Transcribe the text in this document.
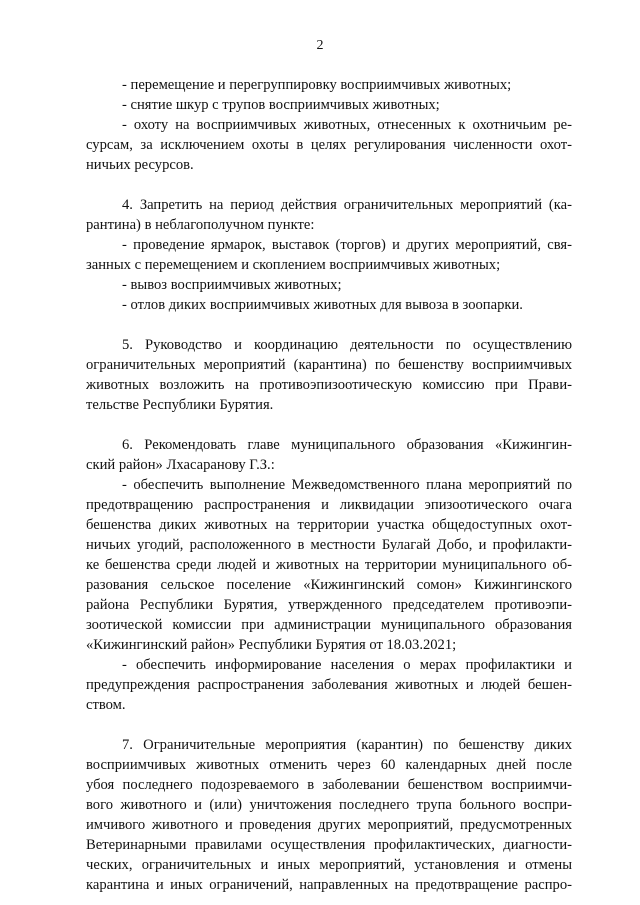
2
- перемещение и перегруппировку восприимчивых животных;
- снятие шкур с трупов восприимчивых животных;
- охоту на восприимчивых животных, отнесенных к охотничьим ре-
сурсам, за исключением охоты в целях регулирования численности охот-
ничьих ресурсов.
4. Запретить на период действия ограничительных мероприятий (ка-
рантина) в неблагополучном пункте:
- проведение ярмарок, выставок (торгов) и других мероприятий, свя-
занных с перемещением и скоплением восприимчивых животных;
- вывоз восприимчивых животных;
- отлов диких восприимчивых животных для вывоза в зоопарки.
5. Руководство и координацию деятельности по осуществлению
ограничительных мероприятий (карантина) по бешенству восприимчивых
животных возложить на противоэпизоотическую комиссию при Прави-
тельстве Республики Бурятия.
6. Рекомендовать главе муниципального образования «Кижингин-
ский район» Лхасаранову Г.З.:
- обеспечить выполнение Межведомственного плана мероприятий по
предотвращению распространения и ликвидации эпизоотического очага
бешенства диких животных на территории участка общедоступных охот-
ничьих угодий, расположенного в местности Булагай Добо, и профилакти-
ке бешенства среди людей и животных на территории муниципального об-
разования сельское поселение «Кижингинский сомон» Кижингинского
района Республики Бурятия, утвержденного председателем противоэпи-
зоотической комиссии при администрации муниципального образования
«Кижингинский район» Республики Бурятия от 18.03.2021;
- обеспечить информирование населения о мерах профилактики и
предупреждения распространения заболевания животных и людей бешен-
ством.
7. Ограничительные мероприятия (карантин) по бешенству диких
восприимчивых животных отменить через 60 календарных дней после
убоя последнего подозреваемого в заболевании бешенством восприимчи-
вого животного и (или) уничтожения последнего трупа больного воспри-
имчивого животного и проведения других мероприятий, предусмотренных
Ветеринарными правилами осуществления профилактических, диагности-
ческих, ограничительных и иных мероприятий, установления и отмены
карантина и иных ограничений, направленных на предотвращение распро-
